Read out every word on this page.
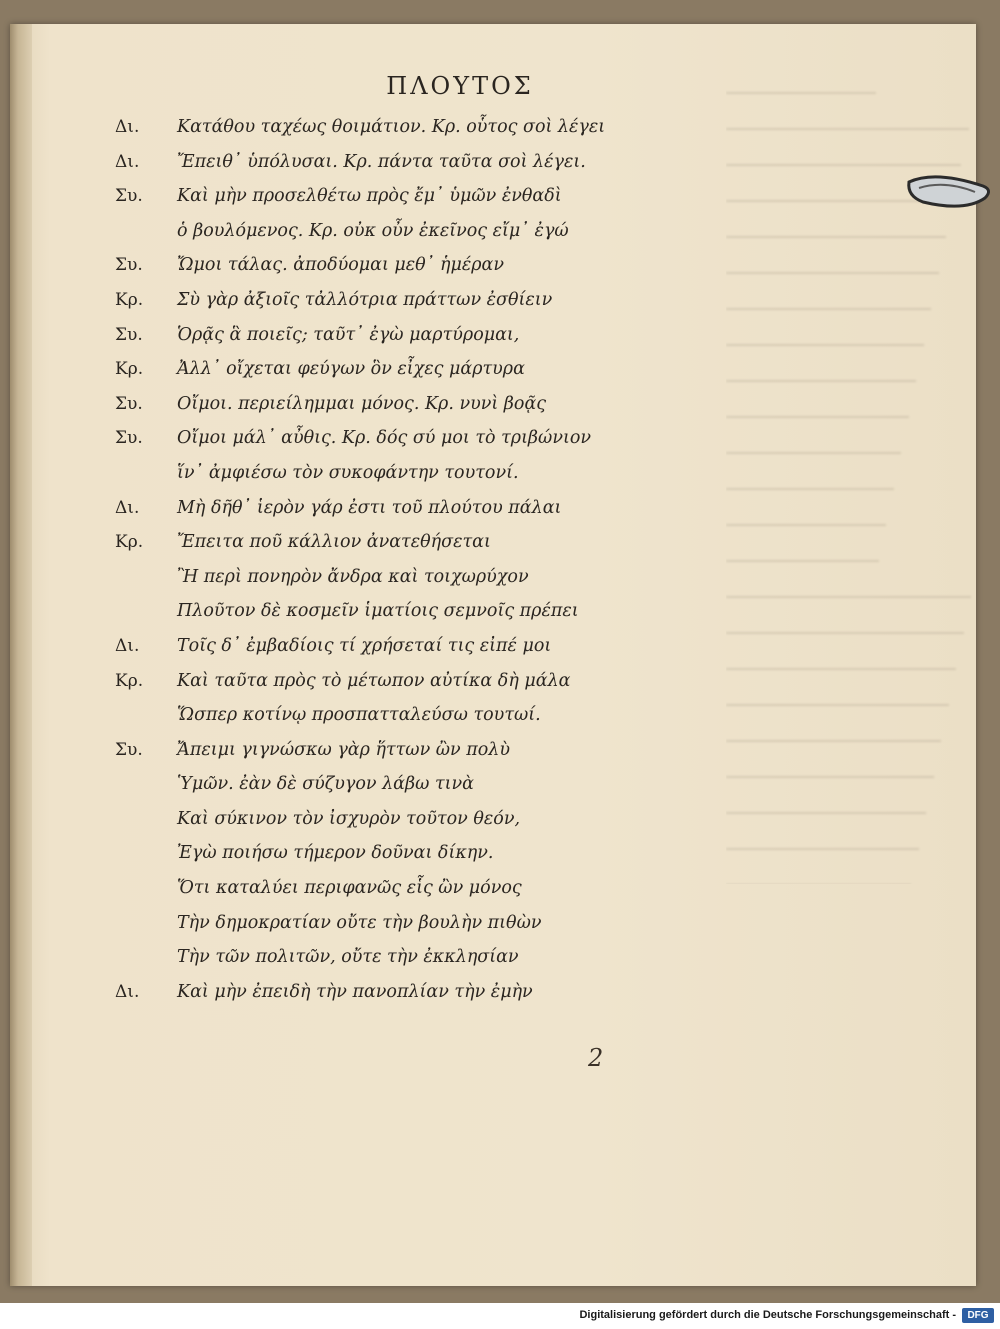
ΠΛΟΥΤΟΣ
Δι.	Κατάθου ταχέως θοιμάτιον. Κρ. οὗτος σοὶ λέγει
Δι.	Ἔπειθ᾽ ὑπόλυσαι. Κρ. πάντα ταῦτα σοὶ λέγει.
Συ.	Καὶ μὴν προσελθέτω πρὸς ἔμ᾽ ὑμῶν ἐνθαδὶ
ὁ βουλόμενος. Κρ. οὐκ οὖν ἐκεῖνος εἴμ᾽ ἐγώ
Συ.	Ὤμοι τάλας. ἀποδύομαι μεθ᾽ ἡμέραν
Κρ.	Σὺ γὰρ ἀξιοῖς τἀλλότρια πράττων ἐσθίειν
Συ.	Ὁρᾷς ἃ ποιεῖς; ταῦτ᾽ ἐγὼ μαρτύρομαι,
Κρ.	Ἀλλ᾽ οἴχεται φεύγων ὃν εἶχες μάρτυρα
Συ.	Οἴμοι. περιείλημμαι μόνος. Κρ. νυνὶ βοᾷς
Συ.	Οἴμοι μάλ᾽ αὖθις. Κρ. δός σύ μοι τὸ τριβώνιον
ἵν᾽ ἀμφιέσω τὸν συκοφάντην τουτονί.
Δι.	Μὴ δῆθ᾽ ἱερὸν γάρ ἐστι τοῦ πλούτου πάλαι
Κρ.	Ἔπειτα ποῦ κάλλιον ἀνατεθήσεται
Ἢ περὶ πονηρὸν ἄνδρα καὶ τοιχωρύχον
Πλοῦτον δὲ κοσμεῖν ἱματίοις σεμνοῖς πρέπει
Δι.	Τοῖς δ᾽ ἐμβαδίοις τί χρήσεταί τις εἰπέ μοι
Κρ.	Καὶ ταῦτα πρὸς τὸ μέτωπον αὐτίκα δὴ μάλα
Ὥσπερ κοτίνῳ προσπατταλεύσω τουτωί.
Συ.	Ἄπειμι γιγνώσκω γὰρ ἥττων ὢν πολὺ
Ὑμῶν. ἐὰν δὲ σύζυγον λάβω τινὰ
Καὶ σύκινον τὸν ἰσχυρὸν τοῦτον θεόν,
Ἐγὼ ποιήσω τήμερον δοῦναι δίκην.
Ὅτι καταλύει περιφανῶς εἷς ὢν μόνος
Τὴν δημοκρατίαν οὔτε τὴν βουλὴν πιθὼν
Τὴν τῶν πολιτῶν, οὔτε τὴν ἐκκλησίαν
Δι.	Καὶ μὴν ἐπειδὴ τὴν πανοπλίαν τὴν ἐμὴν
2
Digitalisierung gefördert durch die Deutsche Forschungsgemeinschaft -	DFG
